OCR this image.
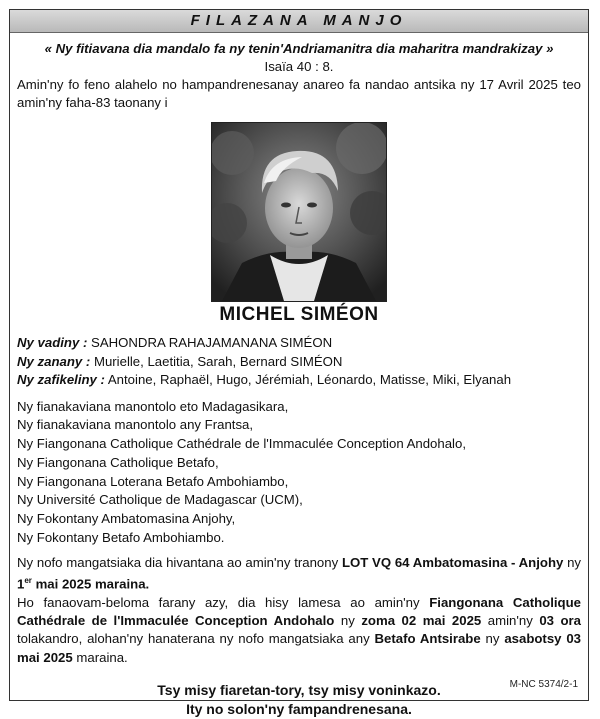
FILAZANA MANJO
« Ny fitiavana dia mandalo fa ny tenin'Andriamanitra dia maharitra mandrakizay »
Isaïa 40 : 8.
Amin'ny fo feno alahelo no hampandrenesanay anareo fa nandao antsika ny 17 Avril 2025 teo amin'ny faha-83 taonany i
MICHEL SIMÉON
Ny vadiny : SAHONDRA RAHAJAMANANA SIMÉON
Ny zanany : Murielle, Laetitia, Sarah, Bernard SIMÉON
Ny zafikeliny : Antoine, Raphaël, Hugo, Jérémiah, Léonardo, Matisse, Miki, Elyanah
Ny fianakaviana manontolo eto Madagasikara,
Ny fianakaviana manontolo any Frantsa,
Ny Fiangonana Catholique Cathédrale de l'Immaculée Conception Andohalo,
Ny Fiangonana Catholique Betafo,
Ny Fiangonana Loterana Betafo Ambohiambo,
Ny Université Catholique de Madagascar (UCM),
Ny Fokontany Ambatomasina Anjohy,
Ny Fokontany Betafo Ambohiambo.
Ny nofo mangatsiaka dia hivantana ao amin'ny tranony LOT VQ 64 Ambatomasina - Anjohy ny 1er mai 2025 maraina.
Ho fanaovam-beloma farany azy, dia hisy lamesa ao amin'ny Fiangonana Catholique Cathédrale de l'Immaculée Conception Andohalo ny zoma 02 mai 2025 amin'ny 03 ora tolakandro, alohan'ny hanaterana ny nofo mangatsiaka any Betafo Antsirabe ny asabotsy 03 mai 2025 maraina.
Tsy misy fiaretan-tory, tsy misy voninkazo.
Ity no solon'ny fampandrenesana.
M-NC 5374/2-1
